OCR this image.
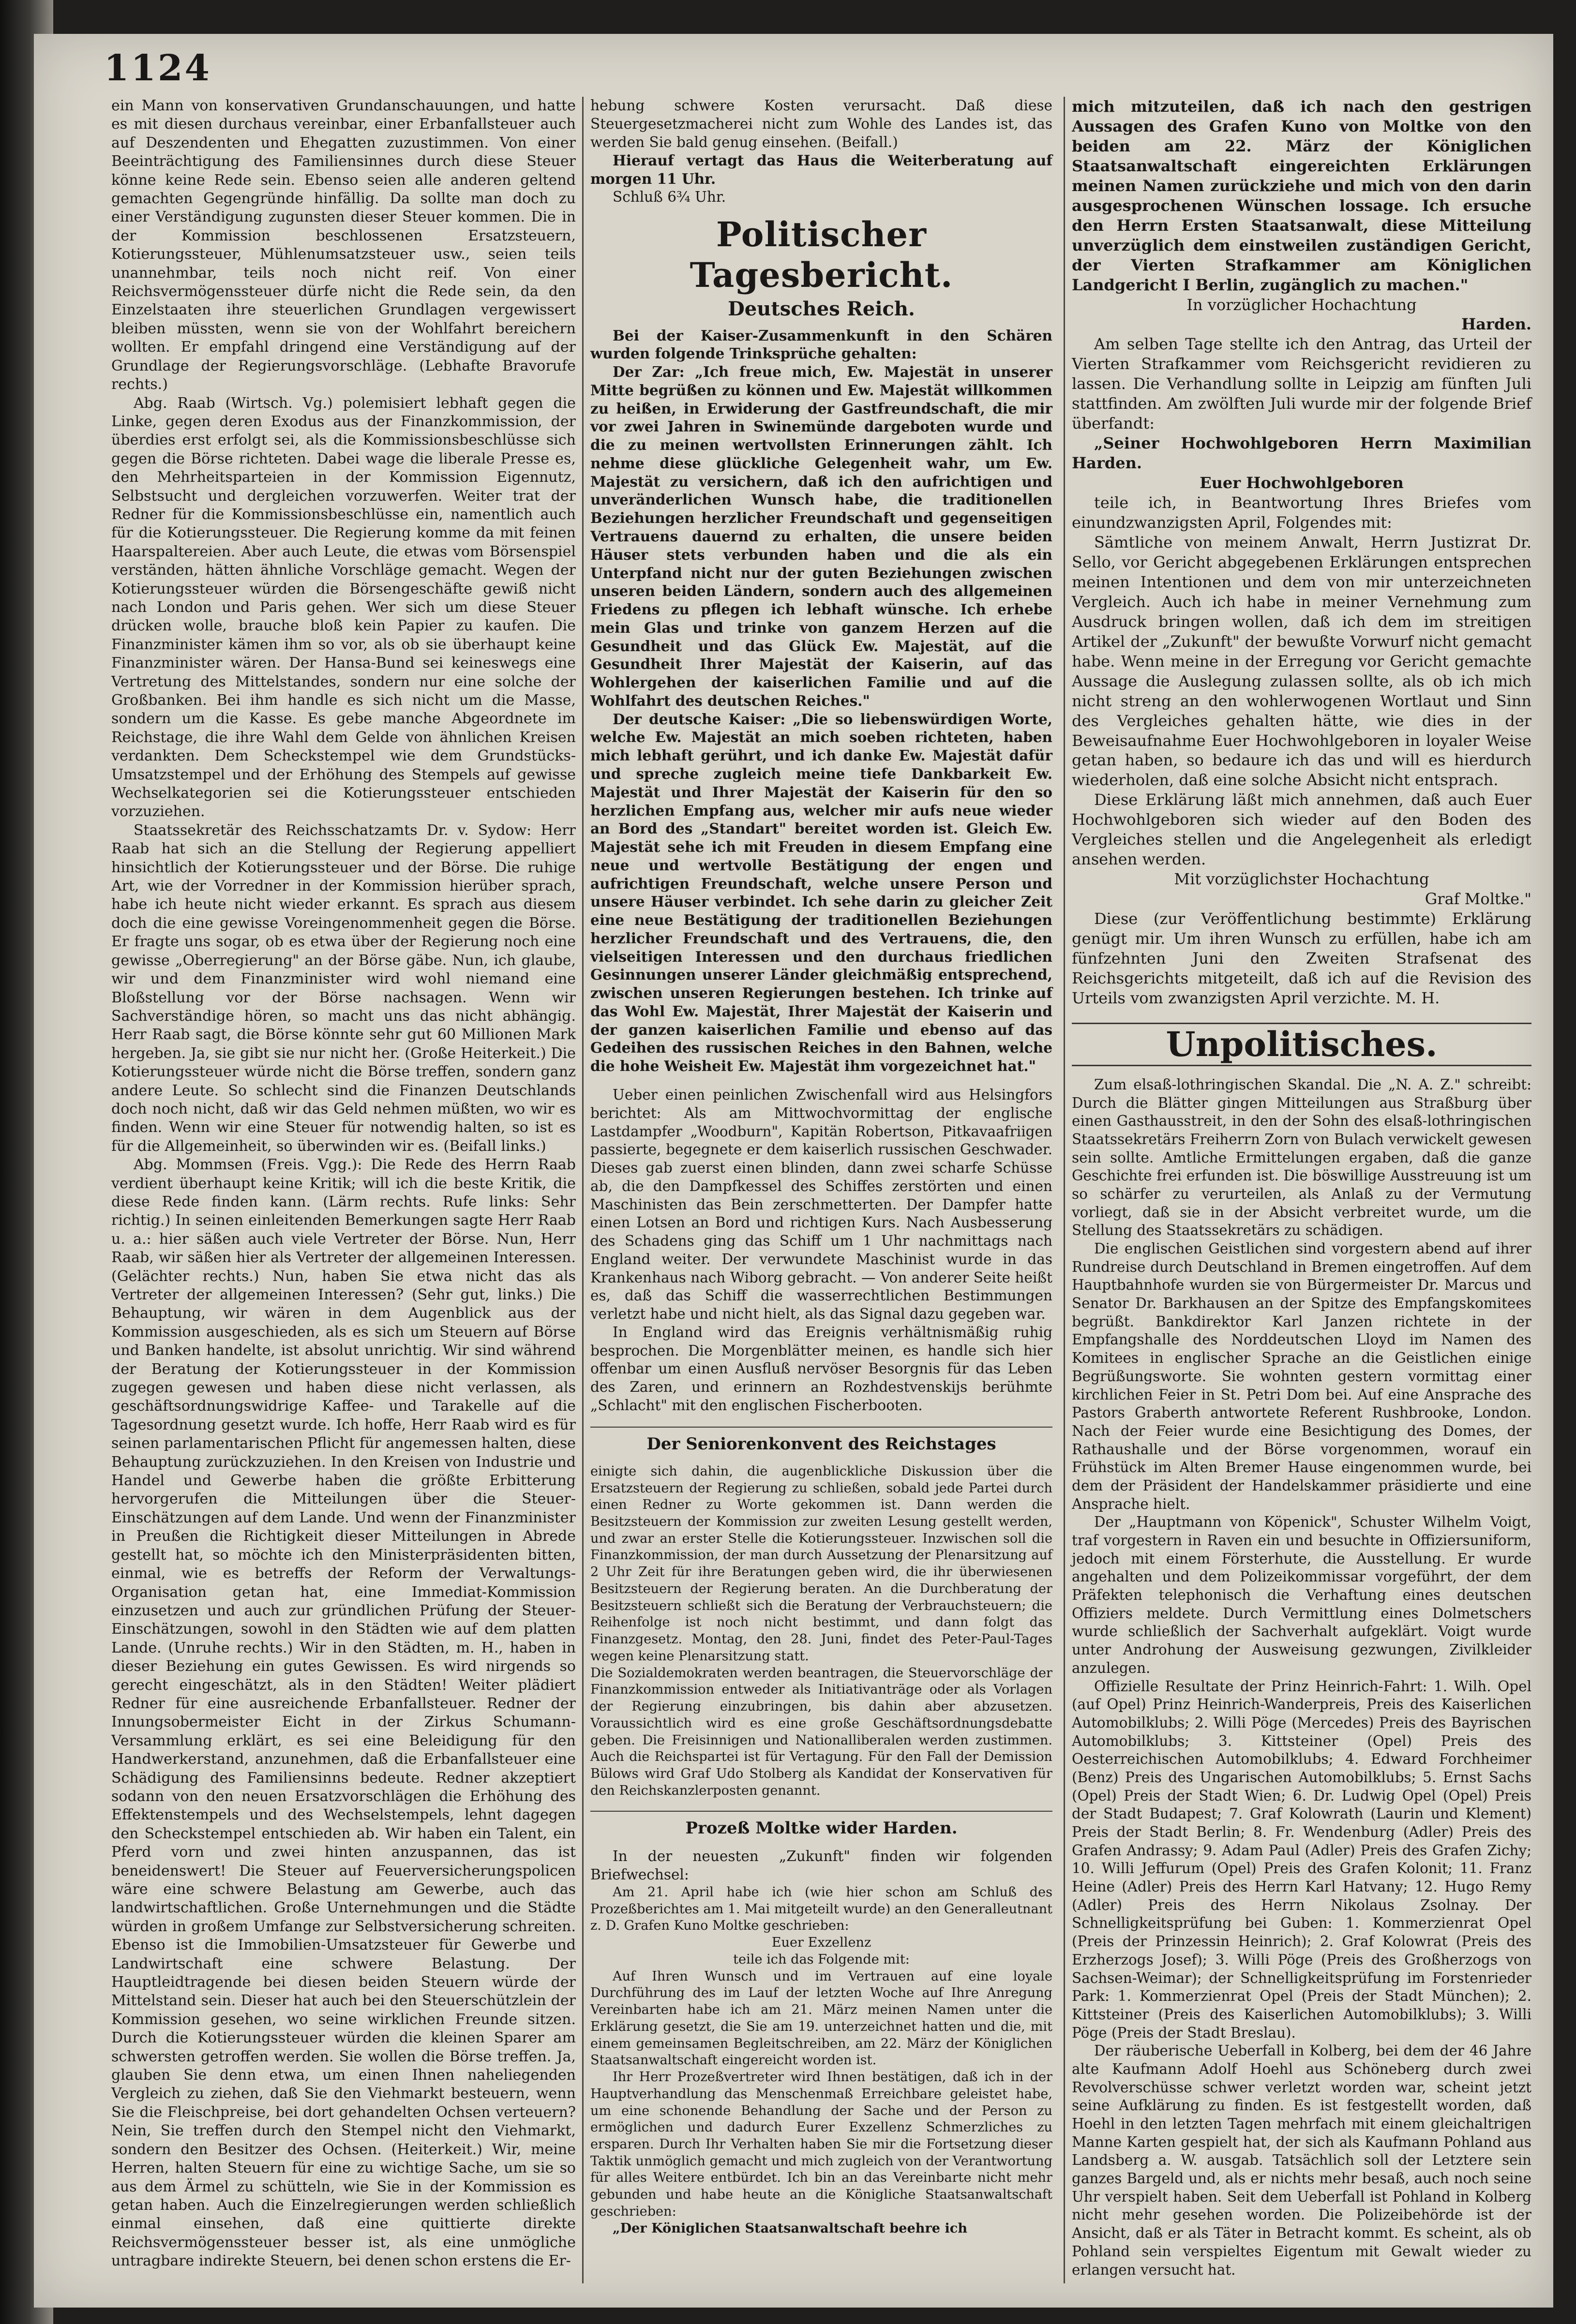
1124

ein Mann von konservativen Grundanschauungen, und hatte es mit diesen durchaus vereinbar, einer Erbanfallsteuer auch auf Deszendenten und Ehegatten zuzustimmen. Von einer Beeinträchtigung des Familiensinnes durch diese Steuer könne keine Rede sein. Ebenso seien alle anderen geltend gemachten Gegengründe hinfällig. Da sollte man doch zu einer Verständigung zugunsten dieser Steuer kommen. Die in der Kommission beschlossenen Ersatzsteuern, Kotierungssteuer, Mühlenumsatzsteuer usw., seien teils unannehmbar, teils noch nicht reif. Von einer Reichsvermögenssteuer dürfe nicht die Rede sein, da den Einzelstaaten ihre steuerlichen Grundlagen vergewissert bleiben müssten, wenn sie von der Wohlfahrt bereichern wollten. Er empfahl dringend eine Verständigung auf der Grundlage der Regierungsvorschläge. (Lebhafte Bravorufe rechts.)

Abg. Raab (Wirtsch. Vg.) polemisiert lebhaft gegen die Linke, gegen deren Exodus aus der Finanzkommission, der überdies erst erfolgt sei, als die Kommissionsbeschlüsse sich gegen die Börse richteten. Dabei wage die liberale Presse es, den Mehrheitsparteien in der Kommission Eigennutz, Selbstsucht und dergleichen vorzuwerfen. Weiter trat der Redner für die Kommissionsbeschlüsse ein, namentlich auch für die Kotierungssteuer. Die Regierung komme da mit feinen Haarspaltereien. Aber auch Leute, die etwas vom Börsenspiel verständen, hätten ähnliche Vorschläge gemacht. Wegen der Kotierungssteuer würden die Börsengeschäfte gewiß nicht nach London und Paris gehen. Wer sich um diese Steuer drücken wolle, brauche bloß kein Papier zu kaufen. Die Finanzminister kämen ihm so vor, als ob sie überhaupt keine Finanzminister wären. Der Hansa-Bund sei keineswegs eine Vertretung des Mittelstandes, sondern nur eine solche der Großbanken. Bei ihm handle es sich nicht um die Masse, sondern um die Kasse. Es gebe manche Abgeordnete im Reichstage, die ihre Wahl dem Gelde von ähnlichen Kreisen verdankten. Dem Scheckstempel wie dem Grundstücks-Umsatzstempel und der Erhöhung des Stempels auf gewisse Wechselkategorien sei die Kotierungssteuer entschieden vorzuziehen.

Staatssekretär des Reichsschatzamts Dr. v. Sydow: Herr Raab hat sich an die Stellung der Regierung appelliert hinsichtlich der Kotierungssteuer und der Börse. Die ruhige Art, wie der Vorredner in der Kommission hierüber sprach, habe ich heute nicht wieder erkannt. Es sprach aus diesem doch die eine gewisse Voreingenommenheit gegen die Börse. Er fragte uns sogar, ob es etwa über der Regierung noch eine gewisse „Oberregierung" an der Börse gäbe. Nun, ich glaube, wir und dem Finanzminister wird wohl niemand eine Bloßstellung vor der Börse nachsagen. Wenn wir Sachverständige hören, so macht uns das nicht abhängig. Herr Raab sagt, die Börse könnte sehr gut 60 Millionen Mark hergeben. Ja, sie gibt sie nur nicht her. (Große Heiterkeit.) Die Kotierungssteuer würde nicht die Börse treffen, sondern ganz andere Leute. So schlecht sind die Finanzen Deutschlands doch noch nicht, daß wir das Geld nehmen müßten, wo wir es finden. Wenn wir eine Steuer für notwendig halten, so ist es für die Allgemeinheit, so überwinden wir es. (Beifall links.)

Abg. Mommsen (Freis. Vgg.): Die Rede des Herrn Raab verdient überhaupt keine Kritik; will ich die beste Kritik, die diese Rede finden kann. (Lärm rechts. Rufe links: Sehr richtig.) In seinen einleitenden Bemerkungen sagte Herr Raab u. a.: hier säßen auch viele Vertreter der Börse. Nun, Herr Raab, wir säßen hier als Vertreter der allgemeinen Interessen. (Gelächter rechts.) Nun, haben Sie etwa nicht das als Vertreter der allgemeinen Interessen? (Sehr gut, links.) Die Behauptung, wir wären in dem Augenblick aus der Kommission ausgeschieden, als es sich um Steuern auf Börse und Banken handelte, ist absolut unrichtig. Wir sind während der Beratung der Kotierungssteuer in der Kommission zugegen gewesen und haben diese nicht verlassen, als geschäftsordnungswidrige Kaffee- und Tarakelle auf die Tagesordnung gesetzt wurde. Ich hoffe, Herr Raab wird es für seinen parlamentarischen Pflicht für angemessen halten, diese Behauptung zurückzuziehen. In den Kreisen von Industrie und Handel und Gewerbe haben die größte Erbitterung hervorgerufen die Mitteilungen über die Steuer-Einschätzungen auf dem Lande. Und wenn der Finanzminister in Preußen die Richtigkeit dieser Mitteilungen in Abrede gestellt hat, so möchte ich den Ministerpräsidenten bitten, einmal, wie es betreffs der Reform der Verwaltungs-Organisation getan hat, eine Immediat-Kommission einzusetzen und auch zur gründlichen Prüfung der Steuer-Einschätzungen, sowohl in den Städten wie auf dem platten Lande. (Unruhe rechts.) Wir in den Städten, m. H., haben in dieser Beziehung ein gutes Gewissen. Es wird nirgends so gerecht eingeschätzt, als in den Städten! Weiter plädiert Redner für eine ausreichende Erbanfallsteuer. Redner der Innungsobermeister Eicht in der Zirkus Schumann-Versammlung erklärt, es sei eine Beleidigung für den Handwerkerstand, anzunehmen, daß die Erbanfallsteuer eine Schädigung des Familiensinns bedeute. Redner akzeptiert sodann von den neuen Ersatzvorschlägen die Erhöhung des Effektenstempels und des Wechselstempels, lehnt dagegen den Scheckstempel entschieden ab. Wir haben ein Talent, ein Pferd vorn und zwei hinten anzuspannen, das ist beneidenswert! Die Steuer auf Feuerversicherungspolicen wäre eine schwere Belastung am Gewerbe, auch das landwirtschaftlichen. Große Unternehmungen und die Städte würden in großem Umfange zur Selbstversicherung schreiten. Ebenso ist die Immobilien-Umsatzsteuer für Gewerbe und Landwirtschaft eine schwere Belastung. Der Hauptleidtragende bei diesen beiden Steuern würde der Mittelstand sein. Dieser hat auch bei den Steuerschützlein der Kommission gesehen, wo seine wirklichen Freunde sitzen. Durch die Kotierungssteuer würden die kleinen Sparer am schwersten getroffen werden. Sie wollen die Börse treffen. Ja, glauben Sie denn etwa, um einen Ihnen naheliegenden Vergleich zu ziehen, daß Sie den Viehmarkt besteuern, wenn Sie die Fleischpreise, bei dort gehandelten Ochsen verteuern? Nein, Sie treffen durch den Stempel nicht den Viehmarkt, sondern den Besitzer des Ochsen. (Heiterkeit.) Wir, meine Herren, halten Steuern für eine zu wichtige Sache, um sie so aus dem Ärmel zu schütteln, wie Sie in der Kommission es getan haben. Auch die Einzelregierungen werden schließlich einmal einsehen, daß eine quittierte direkte Reichsvermögenssteuer besser ist, als eine unmögliche untragbare indirekte Steuern, bei denen schon erstens die Er-

hebung schwere Kosten verursacht. Daß diese Steuergesetzmacherei nicht zum Wohle des Landes ist, das werden Sie bald genug einsehen. (Beifall.)

Hierauf vertagt das Haus die Weiterberatung auf morgen 11 Uhr.

Schluß 6¾ Uhr.

Politischer Tagesbericht.
Deutsches Reich.

Bei der Kaiser-Zusammenkunft in den Schären wurden folgende Trinksprüche gehalten:

Der Zar: „Ich freue mich, Ew. Majestät in unserer Mitte begrüßen zu können und Ew. Majestät willkommen zu heißen, in Erwiderung der Gastfreundschaft, die mir vor zwei Jahren in Swinemünde dargeboten wurde und die zu meinen wertvollsten Erinnerungen zählt. Ich nehme diese glückliche Gelegenheit wahr, um Ew. Majestät zu versichern, daß ich den aufrichtigen und unveränderlichen Wunsch habe, die traditionellen Beziehungen herzlicher Freundschaft und gegenseitigen Vertrauens dauernd zu erhalten, die unsere beiden Häuser stets verbunden haben und die als ein Unterpfand nicht nur der guten Beziehungen zwischen unseren beiden Ländern, sondern auch des allgemeinen Friedens zu pflegen ich lebhaft wünsche. Ich erhebe mein Glas und trinke von ganzem Herzen auf die Gesundheit und das Glück Ew. Majestät, auf die Gesundheit Ihrer Majestät der Kaiserin, auf das Wohlergehen der kaiserlichen Familie und auf die Wohlfahrt des deutschen Reiches."

Der deutsche Kaiser: „Die so liebenswürdigen Worte, welche Ew. Majestät an mich soeben richteten, haben mich lebhaft gerührt, und ich danke Ew. Majestät dafür und spreche zugleich meine tiefe Dankbarkeit Ew. Majestät und Ihrer Majestät der Kaiserin für den so herzlichen Empfang aus, welcher mir aufs neue wieder an Bord des „Standart" bereitet worden ist. Gleich Ew. Majestät sehe ich mit Freuden in diesem Empfang eine neue und wertvolle Bestätigung der engen und aufrichtigen Freundschaft, welche unsere Person und unsere Häuser verbindet. Ich sehe darin zu gleicher Zeit eine neue Bestätigung der traditionellen Beziehungen herzlicher Freundschaft und des Vertrauens, die, den vielseitigen Interessen und den durchaus friedlichen Gesinnungen unserer Länder gleichmäßig entsprechend, zwischen unseren Regierungen bestehen. Ich trinke auf das Wohl Ew. Majestät, Ihrer Majestät der Kaiserin und der ganzen kaiserlichen Familie und ebenso auf das Gedeihen des russischen Reiches in den Bahnen, welche die hohe Weisheit Ew. Majestät ihm vorgezeichnet hat."

Ueber einen peinlichen Zwischenfall wird aus Helsingfors berichtet: Als am Mittwochvormittag der englische Lastdampfer „Woodburn", Kapitän Robertson, Pitkavaafriigen passierte, begegnete er dem kaiserlich russischen Geschwader. Dieses gab zuerst einen blinden, dann zwei scharfe Schüsse ab, die den Dampfkessel des Schiffes zerstörten und einen Maschinisten das Bein zerschmetterten. Der Dampfer hatte einen Lotsen an Bord und richtigen Kurs. Nach Ausbesserung des Schadens ging das Schiff um 1 Uhr nachmittags nach England weiter. Der verwundete Maschinist wurde in das Krankenhaus nach Wiborg gebracht. — Von anderer Seite heißt es, daß das Schiff die wasserrechtlichen Bestimmungen verletzt habe und nicht hielt, als das Signal dazu gegeben war.

In England wird das Ereignis verhältnismäßig ruhig besprochen. Die Morgenblätter meinen, es handle sich hier offenbar um einen Ausfluß nervöser Besorgnis für das Leben des Zaren, und erinnern an Rozhdestvenskijs berühmte „Schlacht" mit den englischen Fischerbooten.

Der Seniorenkonvent des Reichstages

einigte sich dahin, die augenblickliche Diskussion über die Ersatzsteuern der Regierung zu schließen, sobald jede Partei durch einen Redner zu Worte gekommen ist. Dann werden die Besitzsteuern der Kommission zur zweiten Lesung gestellt werden, und zwar an erster Stelle die Kotierungssteuer. Inzwischen soll die Finanzkommission, der man durch Aussetzung der Plenarsitzung auf 2 Uhr Zeit für ihre Beratungen geben wird, die ihr überwiesenen Besitzsteuern der Regierung beraten. An die Durchberatung der Besitzsteuern schließt sich die Beratung der Verbrauchsteuern; die Reihenfolge ist noch nicht bestimmt, und dann folgt das Finanzgesetz. Montag, den 28. Juni, findet des Peter-Paul-Tages wegen keine Plenarsitzung statt.
Die Sozialdemokraten werden beantragen, die Steuervorschläge der Finanzkommission entweder als Initiativanträge oder als Vorlagen der Regierung einzubringen, bis dahin aber abzusetzen. Voraussichtlich wird es eine große Geschäftsordnungsdebatte geben. Die Freisinnigen und Nationalliberalen werden zustimmen. Auch die Reichspartei ist für Vertagung. Für den Fall der Demission Bülows wird Graf Udo Stolberg als Kandidat der Konservativen für den Reichskanzlerposten genannt.

Prozeß Moltke wider Harden.

In der neuesten „Zukunft" finden wir folgenden Briefwechsel:

Am 21. April habe ich (wie hier schon am Schluß des Prozeßberichtes am 1. Mai mitgeteilt wurde) an den Generalleutnant z. D. Grafen Kuno Moltke geschrieben:

Euer Exzellenz

teile ich das Folgende mit:

Auf Ihren Wunsch und im Vertrauen auf eine loyale Durchführung des im Lauf der letzten Woche auf Ihre Anregung Vereinbarten habe ich am 21. März meinen Namen unter die Erklärung gesetzt, die Sie am 19. unterzeichnet hatten und die, mit einem gemeinsamen Begleitschreiben, am 22. März der Königlichen Staatsanwaltschaft eingereicht worden ist.

Ihr Herr Prozeßvertreter wird Ihnen bestätigen, daß ich in der Hauptverhandlung das Menschenmaß Erreichbare geleistet habe, um eine schonende Behandlung der Sache und der Person zu ermöglichen und dadurch Eurer Exzellenz Schmerzliches zu ersparen. Durch Ihr Verhalten haben Sie mir die Fortsetzung dieser Taktik unmöglich gemacht und mich zugleich von der Verantwortung für alles Weitere entbürdet. Ich bin an das Vereinbarte nicht mehr gebunden und habe heute an die Königliche Staatsanwaltschaft geschrieben:

„Der Königlichen Staatsanwaltschaft beehre ich

mich mitzuteilen, daß ich nach den gestrigen Aussagen des Grafen Kuno von Moltke von den beiden am 22. März der Königlichen Staatsanwaltschaft eingereichten Erklärungen meinen Namen zurückziehe und mich von den darin ausgesprochenen Wünschen lossage. Ich ersuche den Herrn Ersten Staatsanwalt, diese Mitteilung unverzüglich dem einstweilen zuständigen Gericht, der Vierten Strafkammer am Königlichen Landgericht I Berlin, zugänglich zu machen."

In vorzüglicher Hochachtung

Harden.

Am selben Tage stellte ich den Antrag, das Urteil der Vierten Strafkammer vom Reichsgericht revidieren zu lassen. Die Verhandlung sollte in Leipzig am fünften Juli stattfinden. Am zwölften Juli wurde mir der folgende Brief überfandt:

„Seiner Hochwohlgeboren Herrn Maximilian Harden.

Euer Hochwohlgeboren

teile ich, in Beantwortung Ihres Briefes vom einundzwanzigsten April, Folgendes mit:

Sämtliche von meinem Anwalt, Herrn Justizrat Dr. Sello, vor Gericht abgegebenen Erklärungen entsprechen meinen Intentionen und dem von mir unterzeichneten Vergleich. Auch ich habe in meiner Vernehmung zum Ausdruck bringen wollen, daß ich dem im streitigen Artikel der „Zukunft" der bewußte Vorwurf nicht gemacht habe. Wenn meine in der Erregung vor Gericht gemachte Aussage die Auslegung zulassen sollte, als ob ich mich nicht streng an den wohlerwogenen Wortlaut und Sinn des Vergleiches gehalten hätte, wie dies in der Beweisaufnahme Euer Hochwohlgeboren in loyaler Weise getan haben, so bedaure ich das und will es hierdurch wiederholen, daß eine solche Absicht nicht entsprach.

Diese Erklärung läßt mich annehmen, daß auch Euer Hochwohlgeboren sich wieder auf den Boden des Vergleiches stellen und die Angelegenheit als erledigt ansehen werden.

Mit vorzüglichster Hochachtung

Graf Moltke."

Diese (zur Veröffentlichung bestimmte) Erklärung genügt mir. Um ihren Wunsch zu erfüllen, habe ich am fünfzehnten Juni den Zweiten Strafsenat des Reichsgerichts mitgeteilt, daß ich auf die Revision des Urteils vom zwanzigsten April verzichte. M. H.

Unpolitisches.

Zum elsaß-lothringischen Skandal. Die „N. A. Z." schreibt: Durch die Blätter gingen Mitteilungen aus Straßburg über einen Gasthausstreit, in den der Sohn des elsaß-lothringischen Staatssekretärs Freiherrn Zorn von Bulach verwickelt gewesen sein sollte. Amtliche Ermittelungen ergaben, daß die ganze Geschichte frei erfunden ist. Die böswillige Ausstreuung ist um so schärfer zu verurteilen, als Anlaß zu der Vermutung vorliegt, daß sie in der Absicht verbreitet wurde, um die Stellung des Staatssekretärs zu schädigen.

Die englischen Geistlichen sind vorgestern abend auf ihrer Rundreise durch Deutschland in Bremen eingetroffen. Auf dem Hauptbahnhofe wurden sie von Bürgermeister Dr. Marcus und Senator Dr. Barkhausen an der Spitze des Empfangskomitees begrüßt. Bankdirektor Karl Janzen richtete in der Empfangshalle des Norddeutschen Lloyd im Namen des Komitees in englischer Sprache an die Geistlichen einige Begrüßungsworte. Sie wohnten gestern vormittag einer kirchlichen Feier in St. Petri Dom bei. Auf eine Ansprache des Pastors Graberth antwortete Referent Rushbrooke, London. Nach der Feier wurde eine Besichtigung des Domes, der Rathaushalle und der Börse vorgenommen, worauf ein Frühstück im Alten Bremer Hause eingenommen wurde, bei dem der Präsident der Handelskammer präsidierte und eine Ansprache hielt.

Der „Hauptmann von Köpenick", Schuster Wilhelm Voigt, traf vorgestern in Raven ein und besuchte in Offiziersuniform, jedoch mit einem Försterhute, die Ausstellung. Er wurde angehalten und dem Polizeikommissar vorgeführt, der dem Präfekten telephonisch die Verhaftung eines deutschen Offiziers meldete. Durch Vermittlung eines Dolmetschers wurde schließlich der Sachverhalt aufgeklärt. Voigt wurde unter Androhung der Ausweisung gezwungen, Zivilkleider anzulegen.

Offizielle Resultate der Prinz Heinrich-Fahrt: 1. Wilh. Opel (auf Opel) Prinz Heinrich-Wanderpreis, Preis des Kaiserlichen Automobilklubs; 2. Willi Pöge (Mercedes) Preis des Bayrischen Automobilklubs; 3. Kittsteiner (Opel) Preis des Oesterreichischen Automobilklubs; 4. Edward Forchheimer (Benz) Preis des Ungarischen Automobilklubs; 5. Ernst Sachs (Opel) Preis der Stadt Wien; 6. Dr. Ludwig Opel (Opel) Preis der Stadt Budapest; 7. Graf Kolowrath (Laurin und Klement) Preis der Stadt Berlin; 8. Fr. Wendenburg (Adler) Preis des Grafen Andrassy; 9. Adam Paul (Adler) Preis des Grafen Zichy; 10. Willi Jeffurum (Opel) Preis des Grafen Kolonit; 11. Franz Heine (Adler) Preis des Herrn Karl Hatvany; 12. Hugo Remy (Adler) Preis des Herrn Nikolaus Zsolnay. Der Schnelligkeitsprüfung bei Guben: 1. Kommerzienrat Opel (Preis der Prinzessin Heinrich); 2. Graf Kolowrat (Preis des Erzherzogs Josef); 3. Willi Pöge (Preis des Großherzogs von Sachsen-Weimar); der Schnelligkeitsprüfung im Forstenrieder Park: 1. Kommerzienrat Opel (Preis der Stadt München); 2. Kittsteiner (Preis des Kaiserlichen Automobilklubs); 3. Willi Pöge (Preis der Stadt Breslau).

Der räuberische Ueberfall in Kolberg, bei dem der 46 Jahre alte Kaufmann Adolf Hoehl aus Schöneberg durch zwei Revolverschüsse schwer verletzt worden war, scheint jetzt seine Aufklärung zu finden. Es ist festgestellt worden, daß Hoehl in den letzten Tagen mehrfach mit einem gleichaltrigen Manne Karten gespielt hat, der sich als Kaufmann Pohland aus Landsberg a. W. ausgab. Tatsächlich soll der Letztere sein ganzes Bargeld und, als er nichts mehr besaß, auch noch seine Uhr verspielt haben. Seit dem Ueberfall ist Pohland in Kolberg nicht mehr gesehen worden. Die Polizeibehörde ist der Ansicht, daß er als Täter in Betracht kommt. Es scheint, als ob Pohland sein verspieltes Eigentum mit Gewalt wieder zu erlangen versucht hat.
